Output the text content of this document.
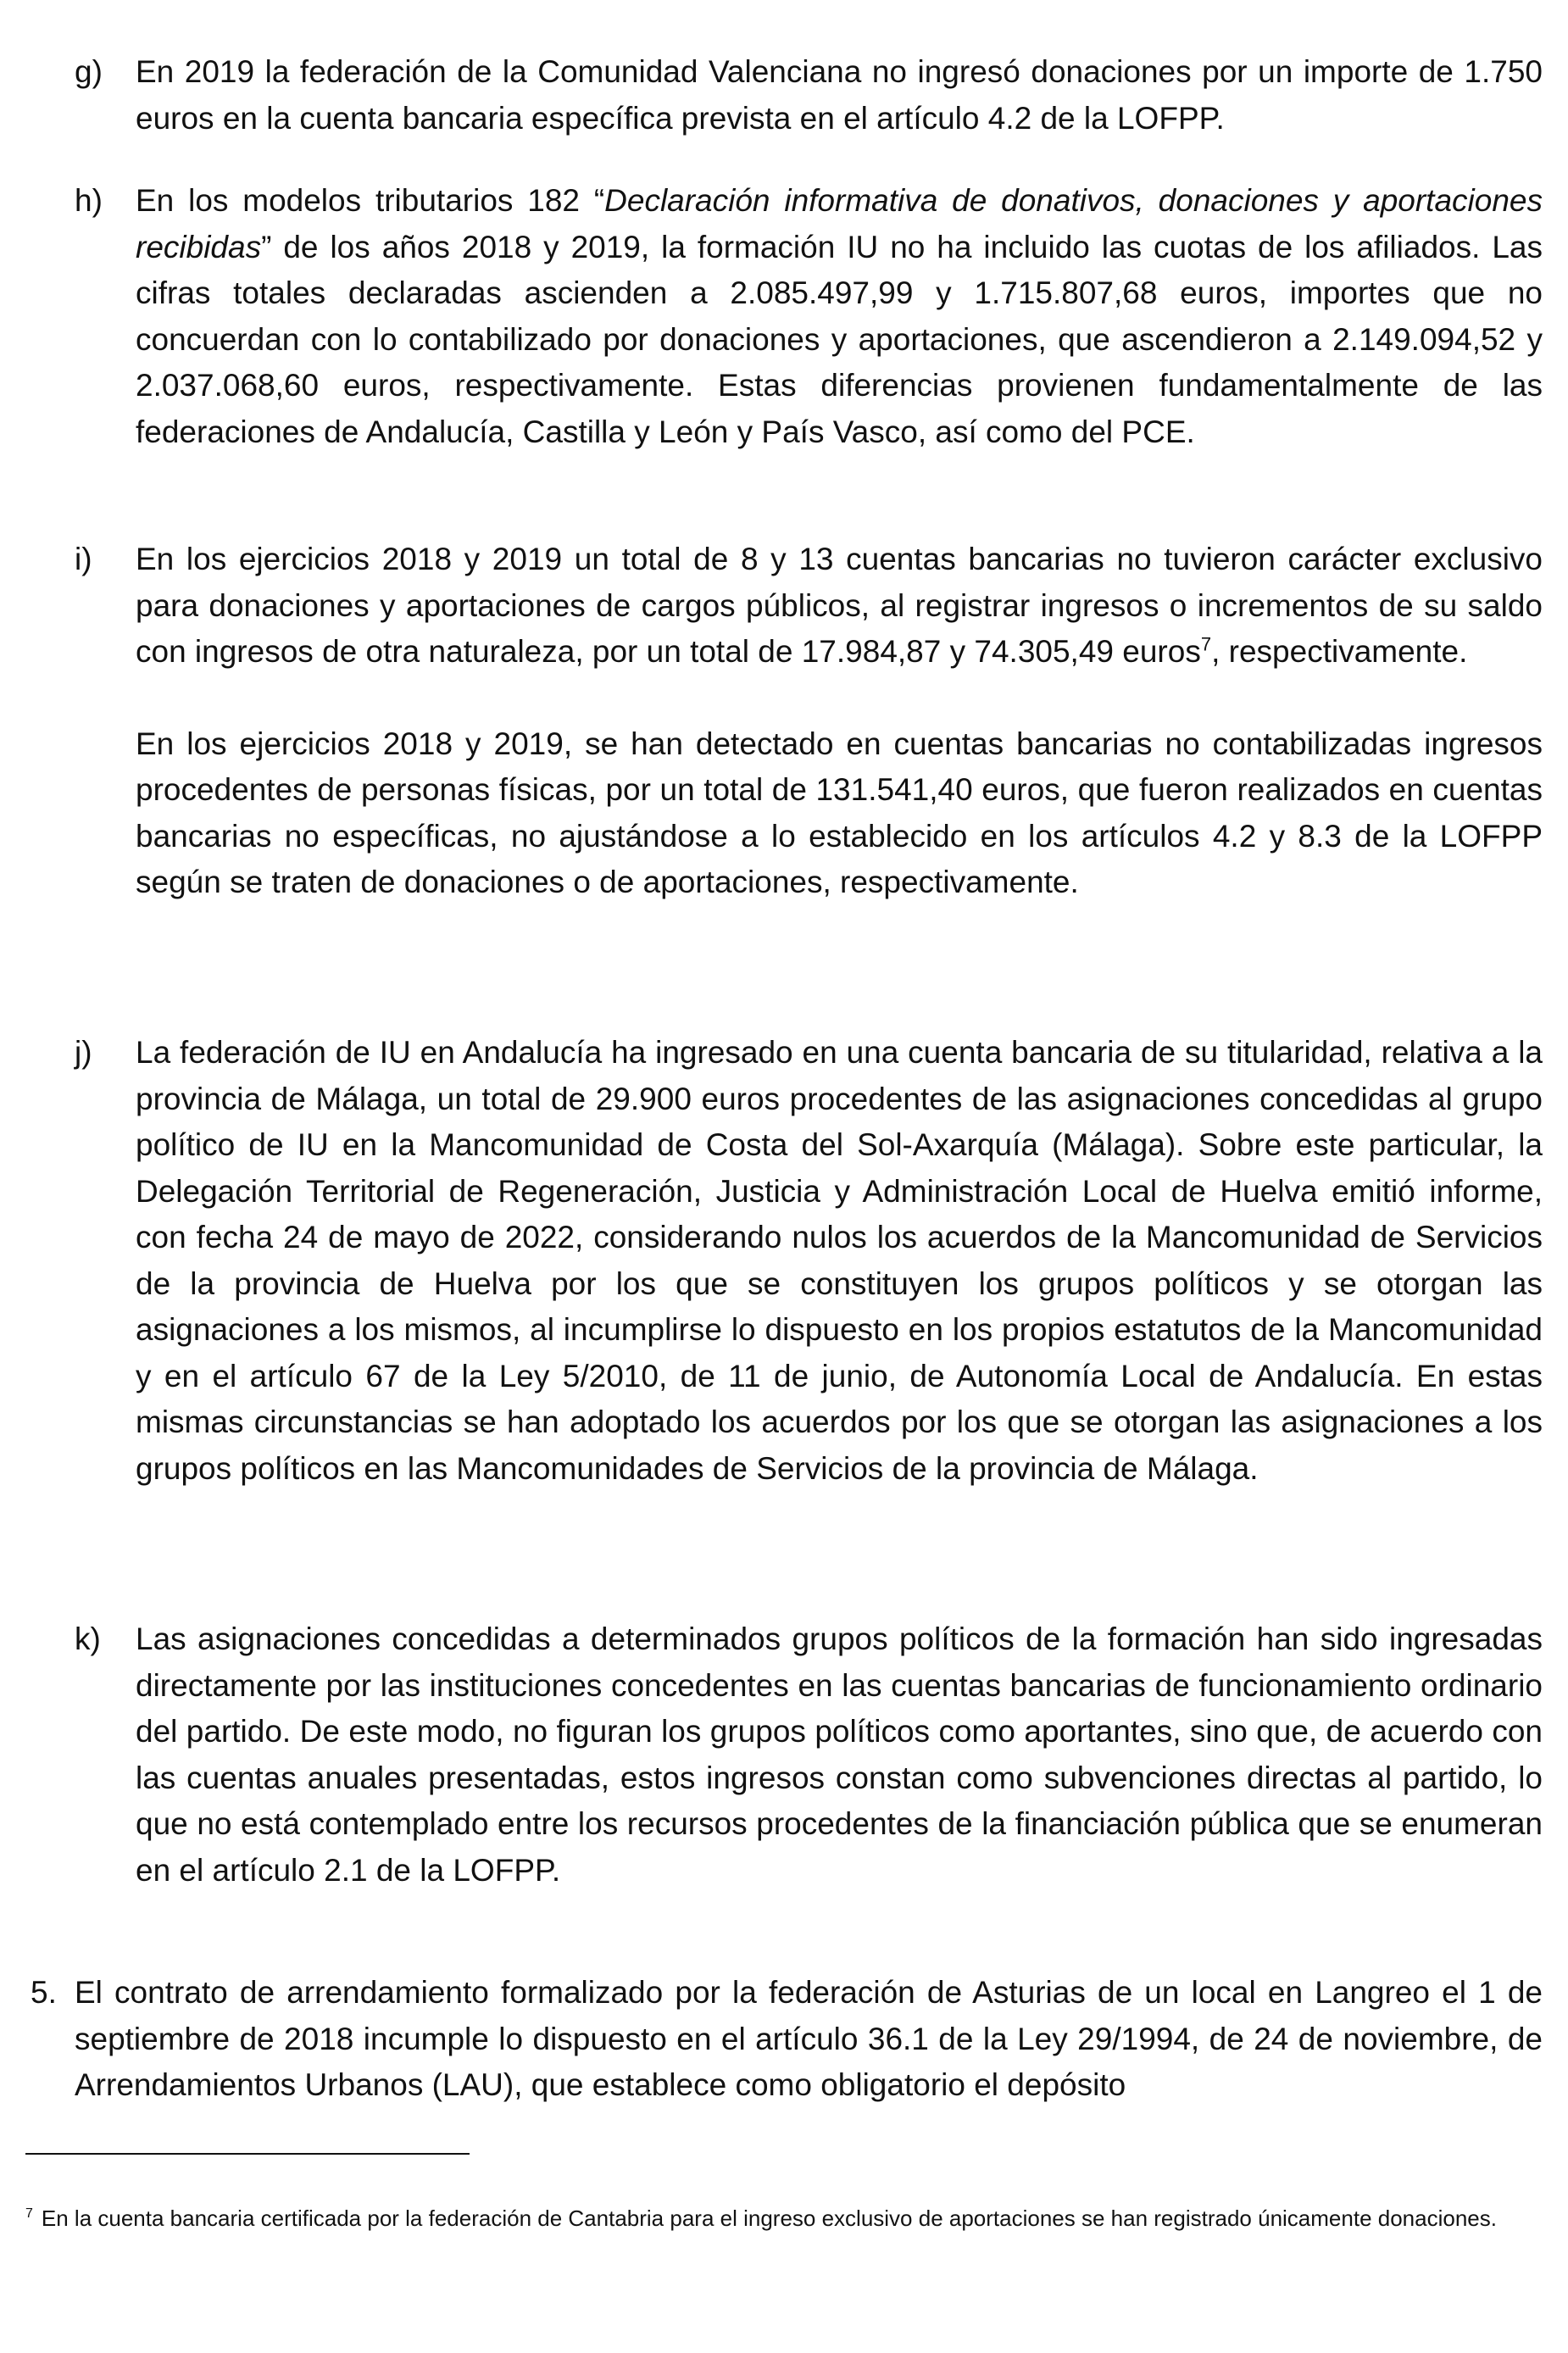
g) En 2019 la federación de la Comunidad Valenciana no ingresó donaciones por un importe de 1.750 euros en la cuenta bancaria específica prevista en el artículo 4.2 de la LOFPP.

h) En los modelos tributarios 182 “Declaración informativa de donativos, donaciones y aportaciones recibidas” de los años 2018 y 2019, la formación IU no ha incluido las cuotas de los afiliados. Las cifras totales declaradas ascienden a 2.085.497,99 y 1.715.807,68 euros, importes que no concuerdan con lo contabilizado por donaciones y aportaciones, que ascendieron a 2.149.094,52 y 2.037.068,60 euros, respectivamente. Estas diferencias provienen fundamentalmente de las federaciones de Andalucía, Castilla y León y País Vasco, así como del PCE.

i) En los ejercicios 2018 y 2019 un total de 8 y 13 cuentas bancarias no tuvieron carácter exclusivo para donaciones y aportaciones de cargos públicos, al registrar ingresos o incrementos de su saldo con ingresos de otra naturaleza, por un total de 17.984,87 y 74.305,49 euros$^7$, respectivamente.

En los ejercicios 2018 y 2019, se han detectado en cuentas bancarias no contabilizadas ingresos procedentes de personas físicas, por un total de 131.541,40 euros, que fueron realizados en cuentas bancarias no específicas, no ajustándose a lo establecido en los artículos 4.2 y 8.3 de la LOFPP según se traten de donaciones o de aportaciones, respectivamente.

j) La federación de IU en Andalucía ha ingresado en una cuenta bancaria de su titularidad, relativa a la provincia de Málaga, un total de 29.900 euros procedentes de las asignaciones concedidas al grupo político de IU en la Mancomunidad de Costa del Sol-Axarquía (Málaga). Sobre este particular, la Delegación Territorial de Regeneración, Justicia y Administración Local de Huelva emitió informe, con fecha 24 de mayo de 2022, considerando nulos los acuerdos de la Mancomunidad de Servicios de la provincia de Huelva por los que se constituyen los grupos políticos y se otorgan las asignaciones a los mismos, al incumplirse lo dispuesto en los propios estatutos de la Mancomunidad y en el artículo 67 de la Ley 5/2010, de 11 de junio, de Autonomía Local de Andalucía. En estas mismas circunstancias se han adoptado los acuerdos por los que se otorgan las asignaciones a los grupos políticos en las Mancomunidades de Servicios de la provincia de Málaga.

k) Las asignaciones concedidas a determinados grupos políticos de la formación han sido ingresadas directamente por las instituciones concedentes en las cuentas bancarias de funcionamiento ordinario del partido. De este modo, no figuran los grupos políticos como aportantes, sino que, de acuerdo con las cuentas anuales presentadas, estos ingresos constan como subvenciones directas al partido, lo que no está contemplado entre los recursos procedentes de la financiación pública que se enumeran en el artículo 2.1 de la LOFPP.

5. El contrato de arrendamiento formalizado por la federación de Asturias de un local en Langreo el 1 de septiembre de 2018 incumple lo dispuesto en el artículo 36.1 de la Ley 29/1994, de 24 de noviembre, de Arrendamientos Urbanos (LAU), que establece como obligatorio el depósito

$^7$ En la cuenta bancaria certificada por la federación de Cantabria para el ingreso exclusivo de aportaciones se han registrado únicamente donaciones.
